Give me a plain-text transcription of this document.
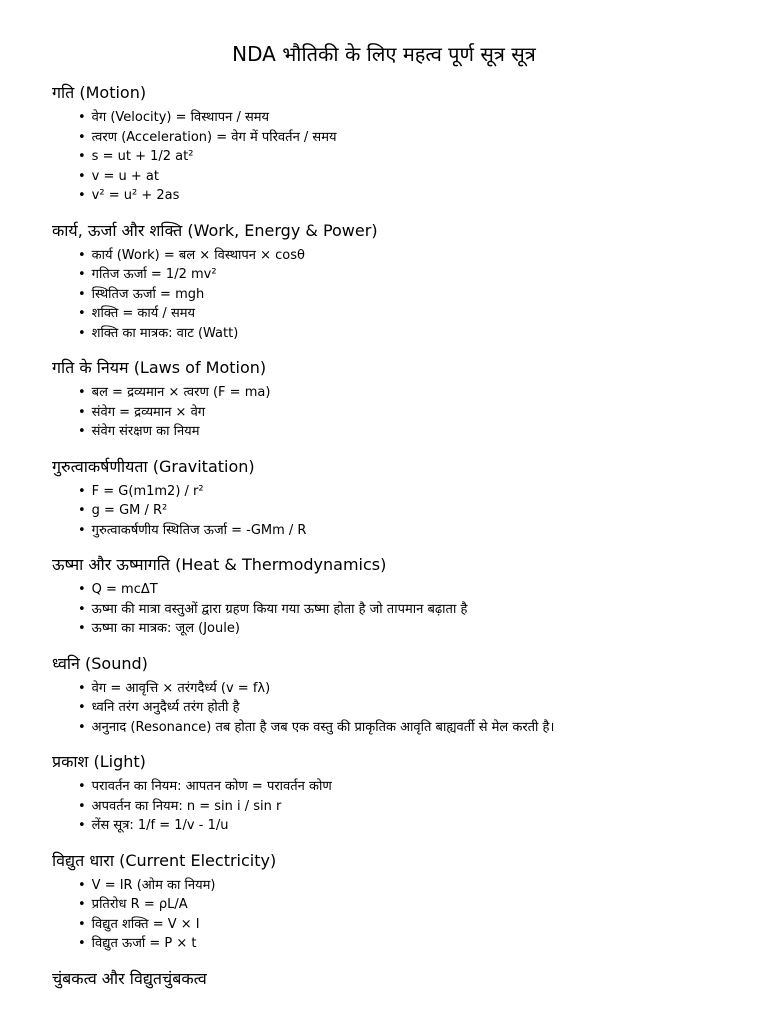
NDA भौतिकी के लिए महत्व पूर्ण सूत्र सूत्र
गति (Motion)
• वेग (Velocity) = विस्थापन / समय
• त्वरण (Acceleration) = वेग में परिवर्तन / समय
• s = ut + 1/2 at²
• v = u + at
• v² = u² + 2as
कार्य, ऊर्जा और शक्ति (Work, Energy & Power)
• कार्य (Work) = बल × विस्थापन × cosθ
• गतिज ऊर्जा = 1/2 mv²
• स्थितिज ऊर्जा = mgh
• शक्ति = कार्य / समय
• शक्ति का मात्रक: वाट (Watt)
गति के नियम (Laws of Motion)
• बल = द्रव्यमान × त्वरण (F = ma)
• संवेग = द्रव्यमान × वेग
• संवेग संरक्षण का नियम
गुरुत्वाकर्षणीयता (Gravitation)
• F = G(m1m2) / r²
• g = GM / R²
• गुरुत्वाकर्षणीय स्थितिज ऊर्जा = -GMm / R
ऊष्मा और ऊष्मागति (Heat & Thermodynamics)
• Q = mcΔT
• ऊष्मा की मात्रा वस्तुओं द्वारा ग्रहण किया गया ऊष्मा होता है जो तापमान बढ़ाता है
• ऊष्मा का मात्रक: जूल (Joule)
ध्वनि (Sound)
• वेग = आवृत्ति × तरंगदैर्ध्य (v = fλ)
• ध्वनि तरंग अनुदैर्ध्य तरंग होती है
• अनुनाद (Resonance) तब होता है जब एक वस्तु की प्राकृतिक आवृति बाह्यवर्ती से मेल करती है।
प्रकाश (Light)
• परावर्तन का नियम: आपतन कोण = परावर्तन कोण
• अपवर्तन का नियम: n = sin i / sin r
• लेंस सूत्र: 1/f = 1/v - 1/u
विद्युत धारा (Current Electricity)
• V = IR (ओम का नियम)
• प्रतिरोध R = ρL/A
• विद्युत शक्ति = V × I
• विद्युत ऊर्जा = P × t
चुंबकत्व और विद्युतचुंबकत्व
